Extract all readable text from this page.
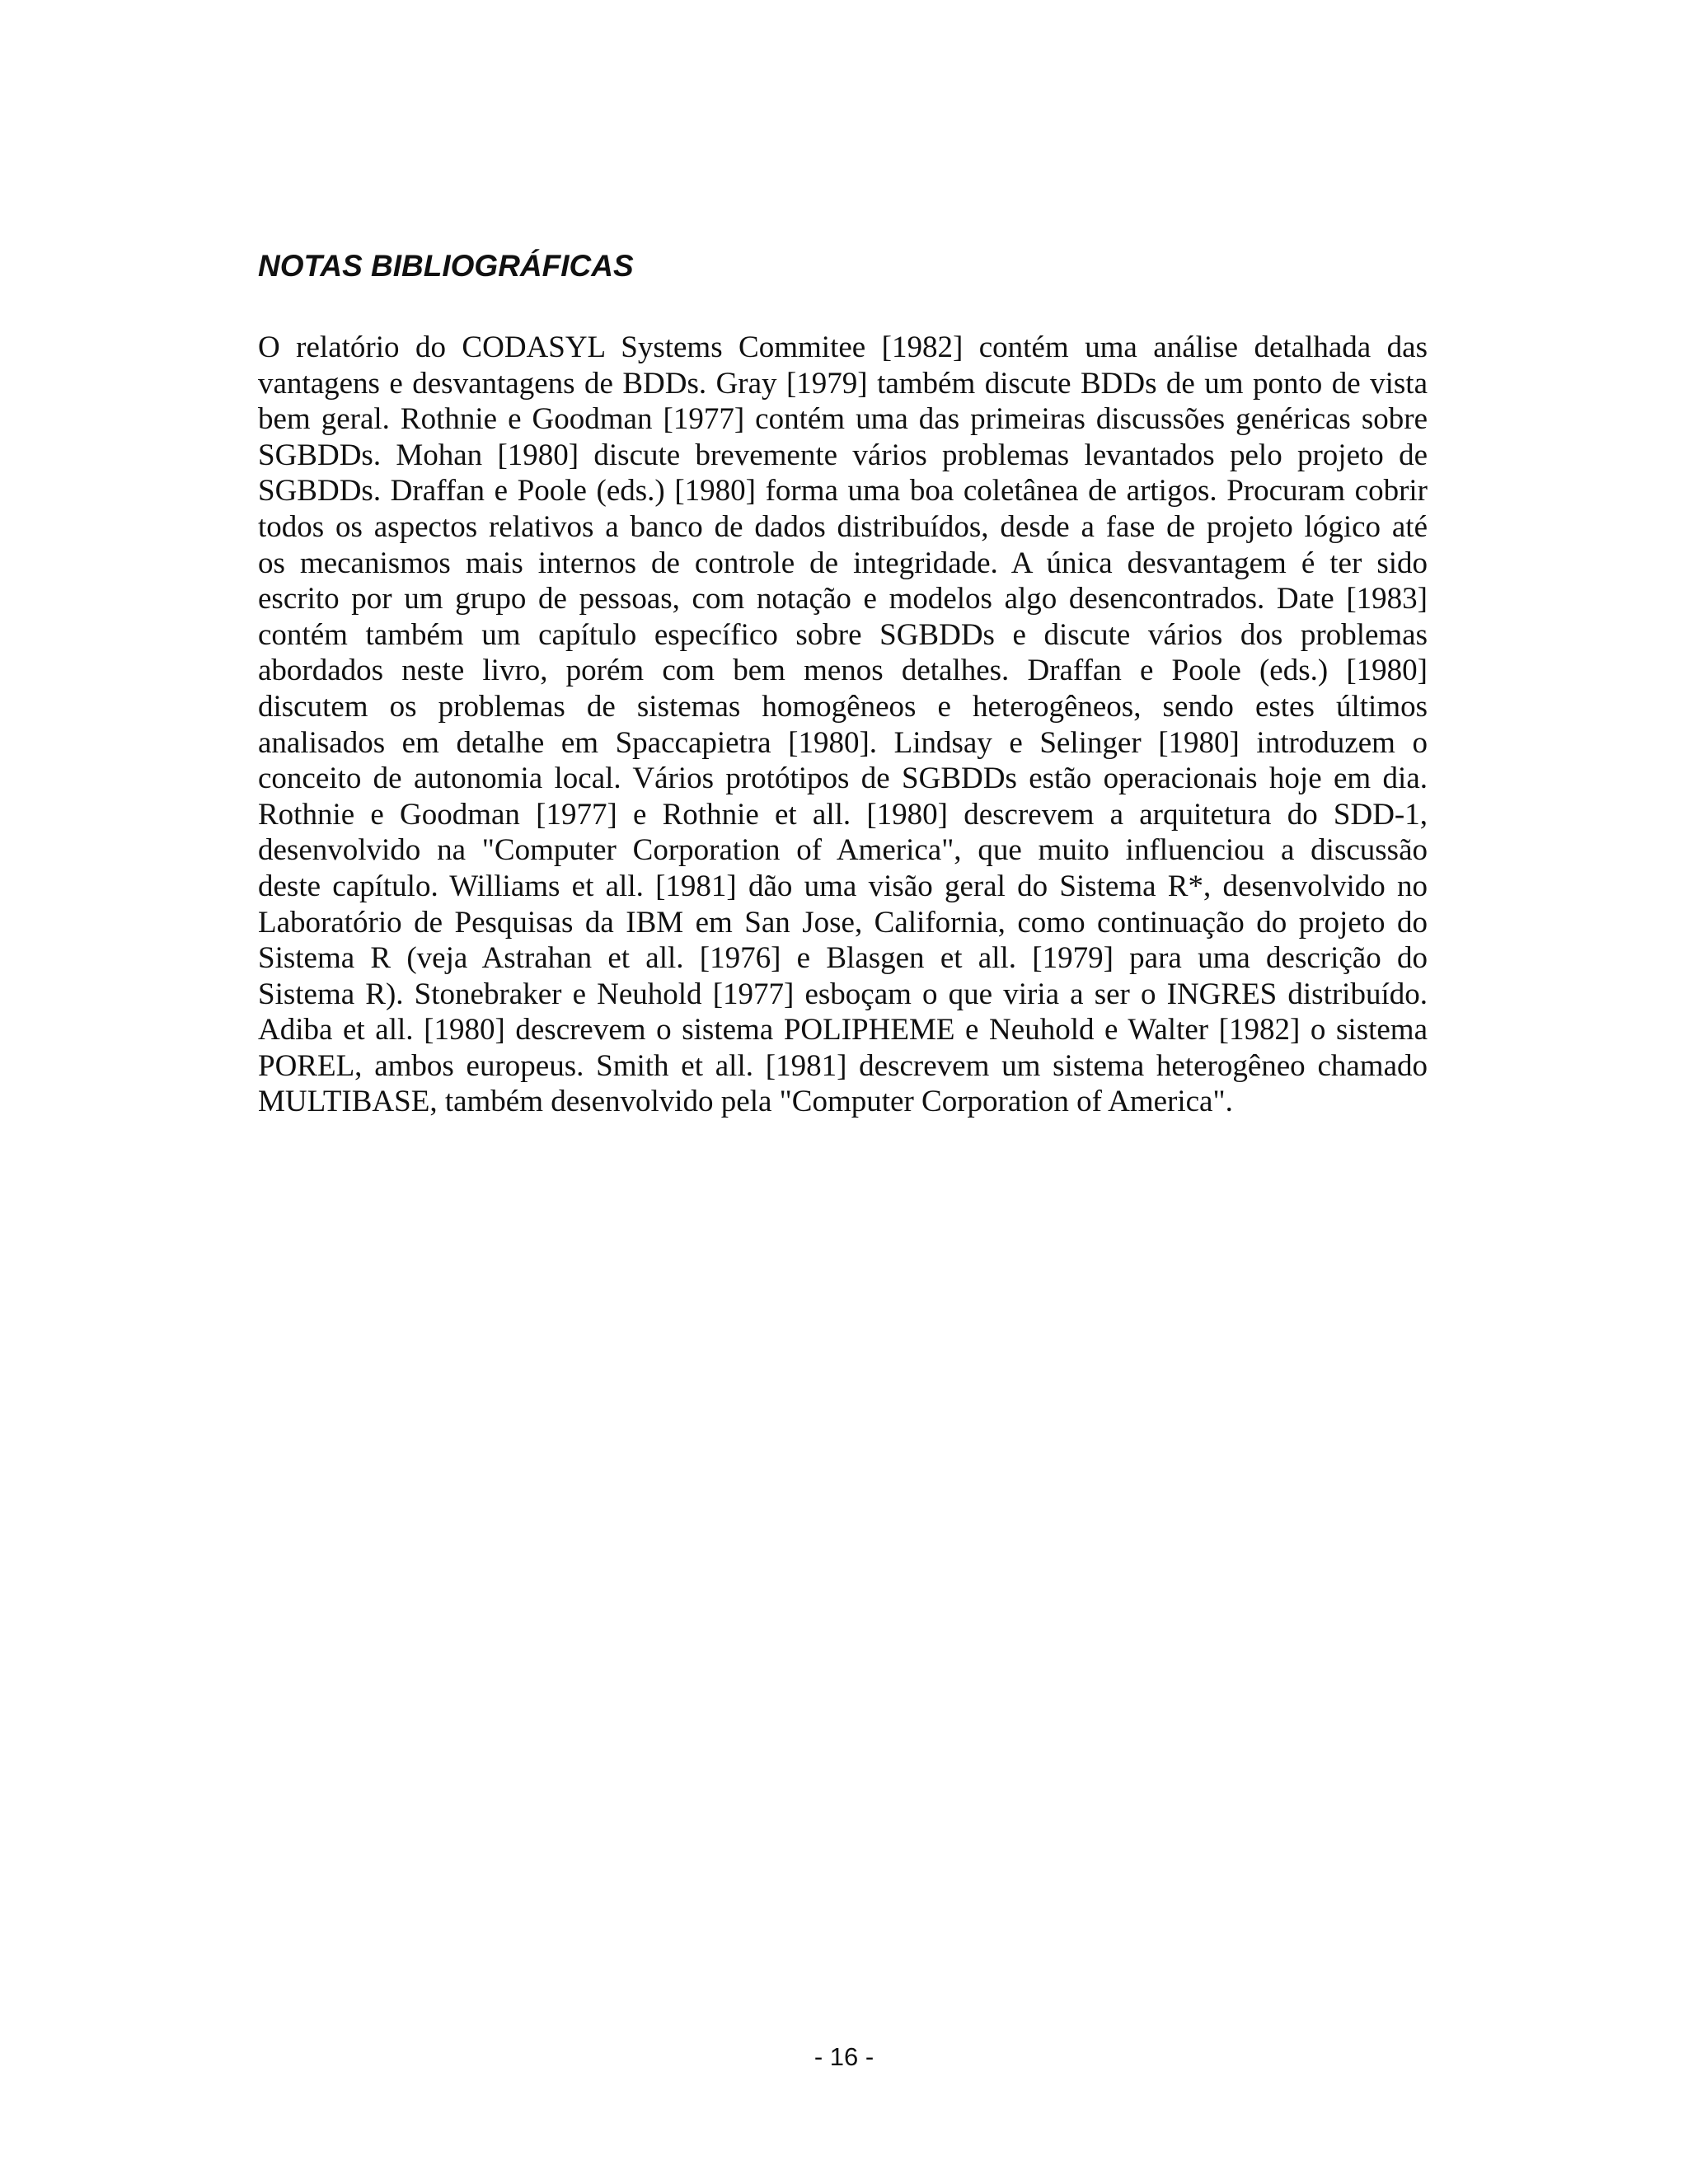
NOTAS BIBLIOGRÁFICAS
O relatório do CODASYL Systems Commitee [1982] contém uma análise detalhada das
vantagens e desvantagens de BDDs. Gray [1979] também discute BDDs de um ponto de vista
bem geral. Rothnie e Goodman [1977] contém uma das primeiras discussões genéricas sobre
SGBDDs. Mohan [1980] discute brevemente vários problemas levantados pelo projeto de
SGBDDs. Draffan e Poole (eds.) [1980] forma uma boa coletânea de artigos. Procuram cobrir
todos os aspectos relativos a banco de dados distribuídos, desde a fase de projeto lógico até
os mecanismos mais internos de controle de integridade. A única desvantagem é ter sido
escrito por um grupo de pessoas, com notação e modelos algo desencontrados. Date [1983]
contém também um capítulo específico sobre SGBDDs e discute vários dos problemas
abordados neste livro, porém com bem menos detalhes. Draffan e Poole (eds.) [1980]
discutem os problemas de sistemas homogêneos e heterogêneos, sendo estes últimos
analisados em detalhe em Spaccapietra [1980]. Lindsay e Selinger [1980] introduzem o
conceito de autonomia local. Vários protótipos de SGBDDs estão operacionais hoje em dia.
Rothnie e Goodman [1977] e Rothnie et all. [1980] descrevem a arquitetura do SDD-1,
desenvolvido na "Computer Corporation of America", que muito influenciou a discussão
deste capítulo. Williams et all. [1981] dão uma visão geral do Sistema R*, desenvolvido no
Laboratório de Pesquisas da IBM em San Jose, California, como continuação do projeto do
Sistema R (veja Astrahan et all. [1976] e Blasgen et all. [1979] para uma descrição do
Sistema R). Stonebraker e Neuhold [1977] esboçam o que viria a ser o INGRES distribuído.
Adiba et all. [1980] descrevem o sistema POLIPHEME e Neuhold e Walter [1982] o sistema
POREL, ambos europeus. Smith et all. [1981] descrevem um sistema heterogêneo chamado
MULTIBASE, também desenvolvido pela "Computer Corporation of America".

- 16 -
